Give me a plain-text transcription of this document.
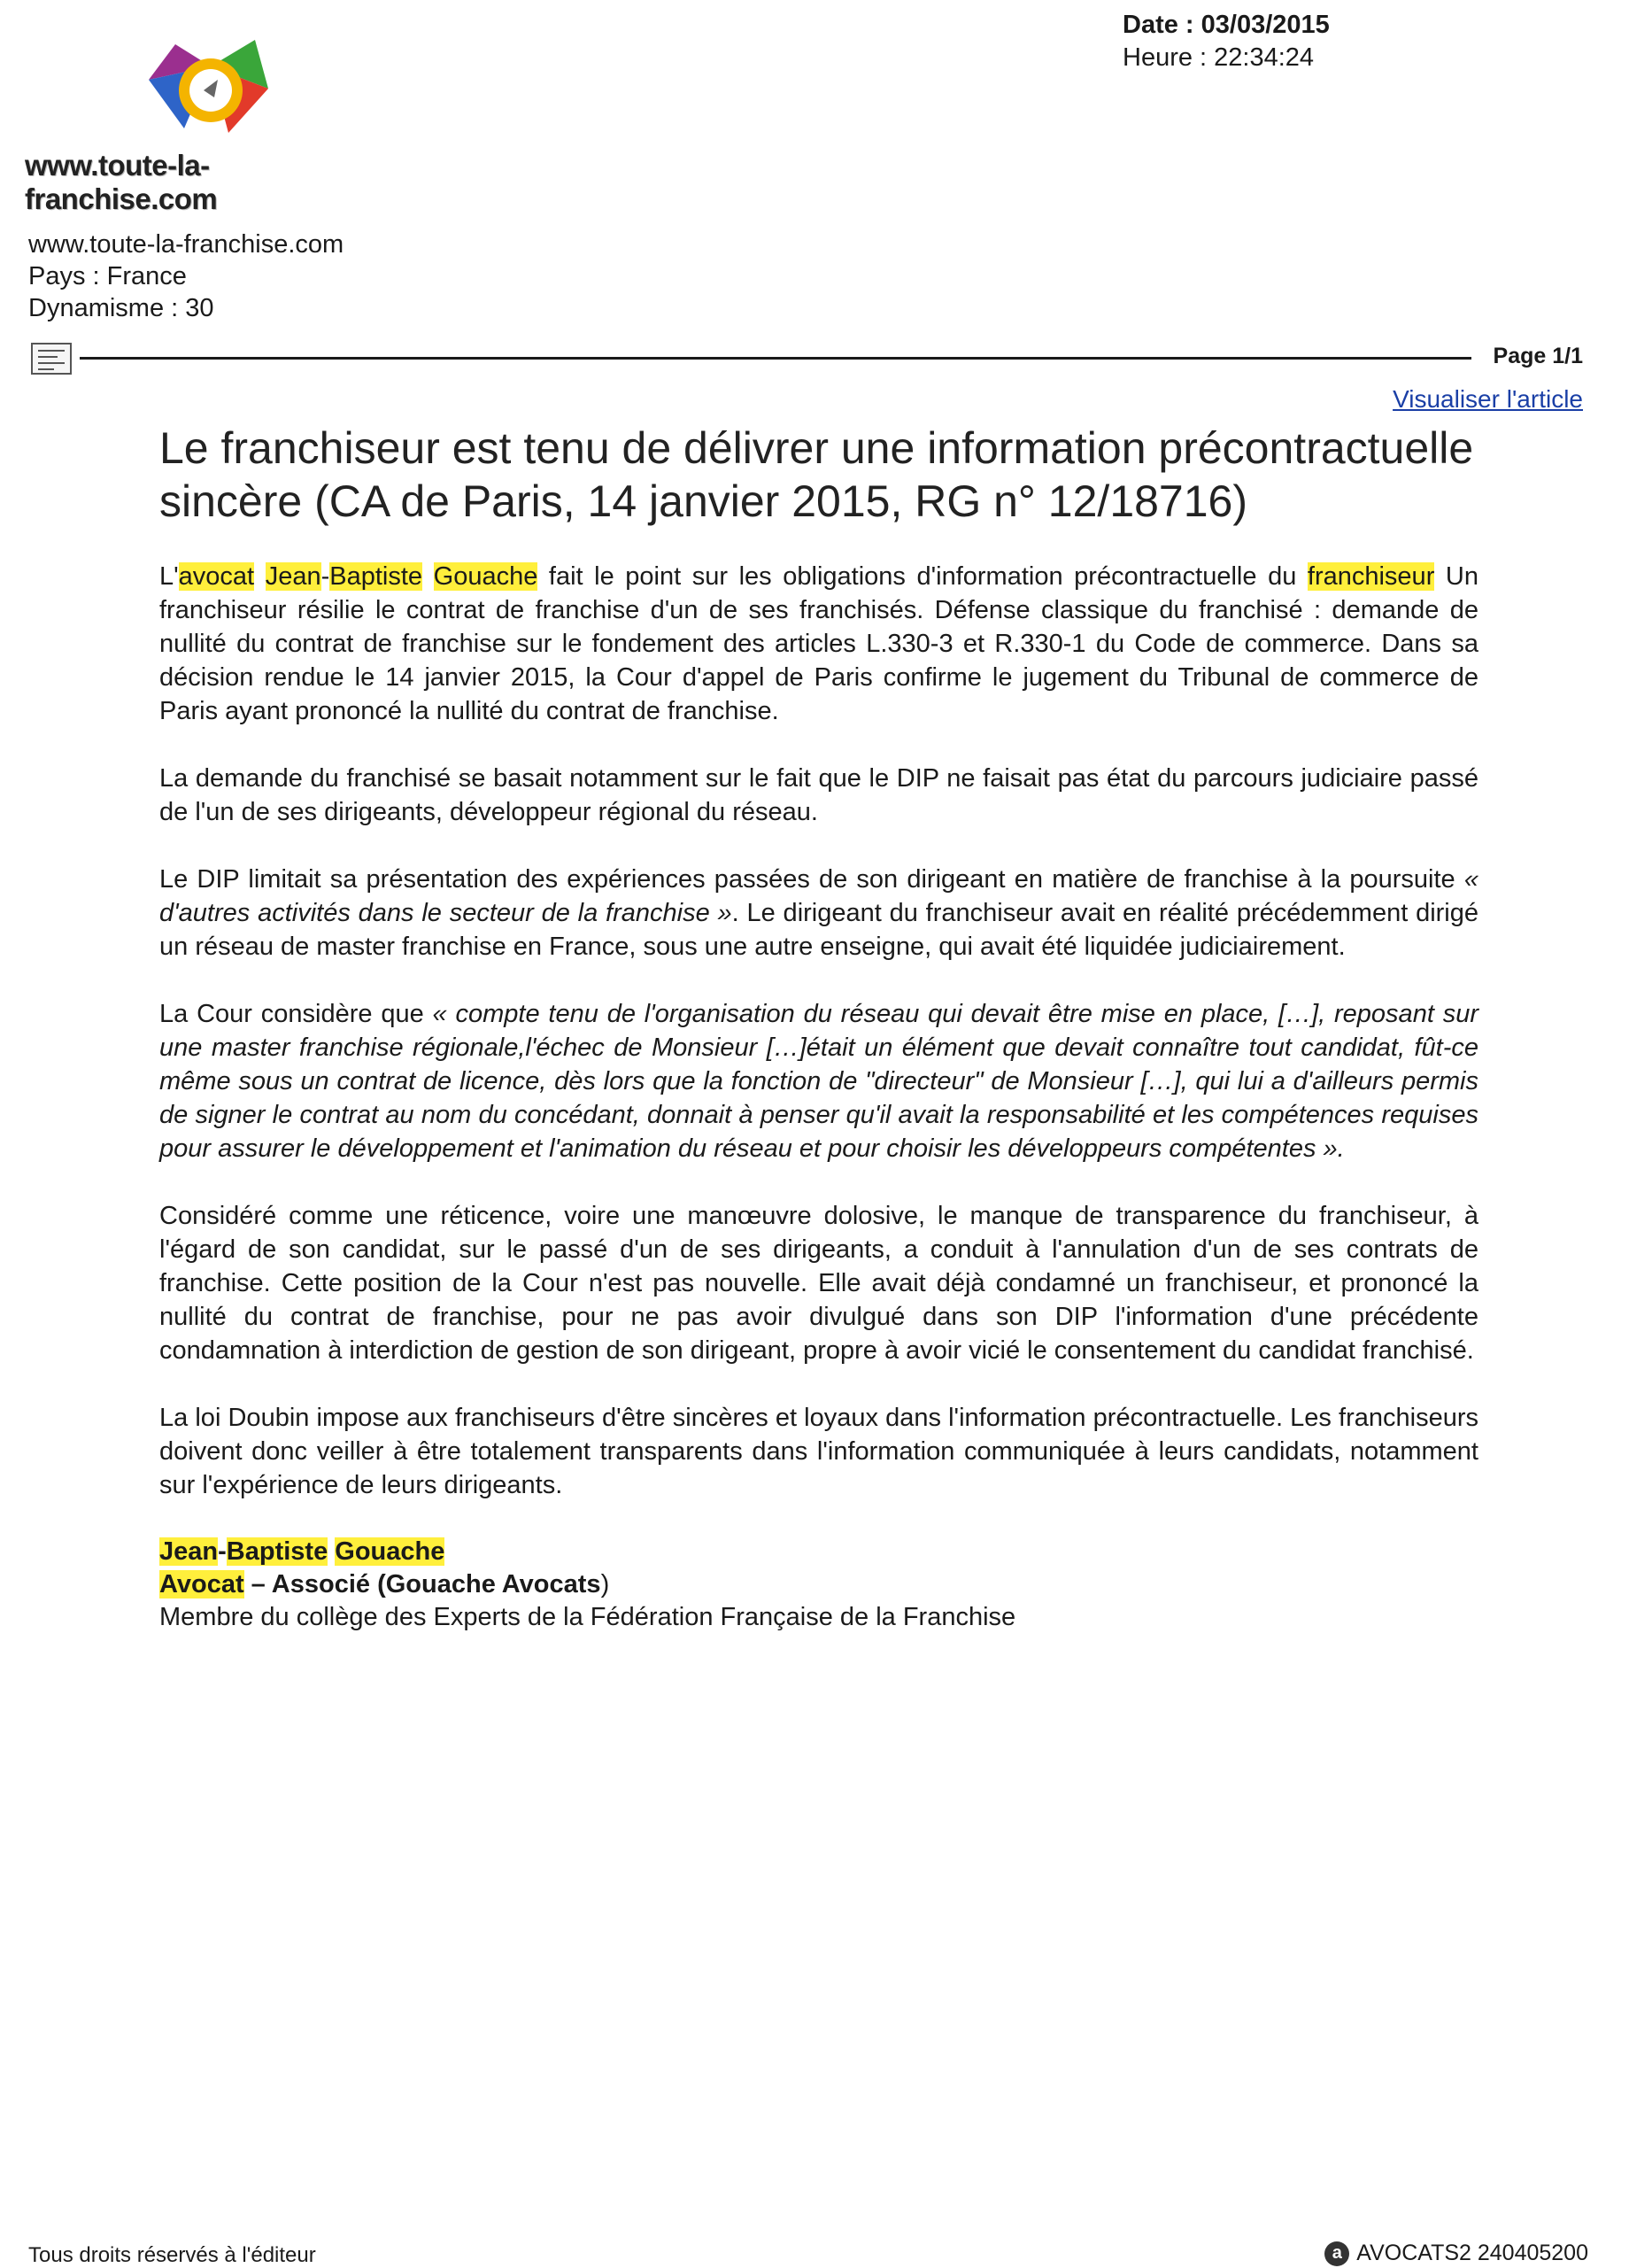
www.toute-la-franchise.com
Date : 03/03/2015
Heure : 22:34:24
www.toute-la-franchise.com
Pays : France
Dynamisme : 30
Page 1/1
Visualiser l'article
Le franchiseur est tenu de délivrer une information précontractuelle sincère (CA de Paris, 14 janvier 2015, RG n° 12/18716)

L'avocat Jean-Baptiste Gouache fait le point sur les obligations d'information précontractuelle du franchiseur Un franchiseur résilie le contrat de franchise d'un de ses franchisés. Défense classique du franchisé : demande de nullité du contrat de franchise sur le fondement des articles L.330-3 et R.330-1 du Code de commerce. Dans sa décision rendue le 14 janvier 2015, la Cour d'appel de Paris confirme le jugement du Tribunal de commerce de Paris ayant prononcé la nullité du contrat de franchise.

La demande du franchisé se basait notamment sur le fait que le DIP ne faisait pas état du parcours judiciaire passé de l'un de ses dirigeants, développeur régional du réseau.

Le DIP limitait sa présentation des expériences passées de son dirigeant en matière de franchise à la poursuite « d'autres activités dans le secteur de la franchise ». Le dirigeant du franchiseur avait en réalité précédemment dirigé un réseau de master franchise en France, sous une autre enseigne, qui avait été liquidée judiciairement.

La Cour considère que « compte tenu de l'organisation du réseau qui devait être mise en place, […], reposant sur une master franchise régionale,l'échec de Monsieur […]était un élément que devait connaître tout candidat, fût-ce même sous un contrat de licence, dès lors que la fonction de "directeur" de Monsieur […], qui lui a d'ailleurs permis de signer le contrat au nom du concédant, donnait à penser qu'il avait la responsabilité et les compétences requises pour assurer le développement et l'animation du réseau et pour choisir les développeurs compétentes ».

Considéré comme une réticence, voire une manœuvre dolosive, le manque de transparence du franchiseur, à l'égard de son candidat, sur le passé d'un de ses dirigeants, a conduit à l'annulation d'un de ses contrats de franchise. Cette position de la Cour n'est pas nouvelle. Elle avait déjà condamné un franchiseur, et prononcé la nullité du contrat de franchise, pour ne pas avoir divulgué dans son DIP l'information d'une précédente condamnation à interdiction de gestion de son dirigeant, propre à avoir vicié le consentement du candidat franchisé.

La loi Doubin impose aux franchiseurs d'être sincères et loyaux dans l'information précontractuelle. Les franchiseurs doivent donc veiller à être totalement transparents dans l'information communiquée à leurs candidats, notamment sur l'expérience de leurs dirigeants.

Jean-Baptiste Gouache
Avocat – Associé (Gouache Avocats)
Membre du collège des Experts de la Fédération Française de la Franchise
Tous droits réservés à l'éditeur	a AVOCATS2 240405200
